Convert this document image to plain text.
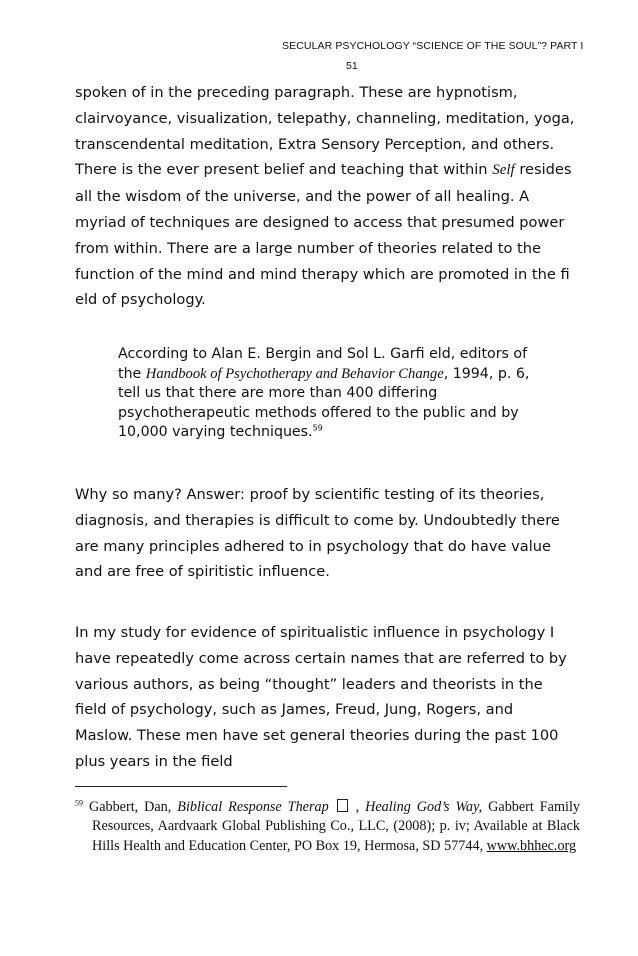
SECULAR PSYCHOLOGY “SCIENCE OF THE SOUL”? PART I
51

spoken of in the preceding paragraph. These are hypnotism, clairvoyance, visualization, telepathy, channeling, meditation, yoga, transcendental meditation, Extra Sensory Perception, and others. There is the ever present belief and teaching that within Self resides all the wisdom of the universe, and the power of all healing. A myriad of techniques are designed to access that presumed power from within. There are a large number of theories related to the function of the mind and mind therapy which are promoted in the fi eld of psychology.

According to Alan E. Bergin and Sol L. Garfi eld, editors of the Handbook of Psychotherapy and Behavior Change, 1994, p. 6, tell us that there are more than 400 differing psychotherapeutic methods offered to the public and by 10,000 varying techniques.$^{59}$

Why so many? Answer: proof by scientific testing of its theories, diagnosis, and therapies is difficult to come by. Undoubtedly there are many principles adhered to in psychology that do have value and are free of spiritistic influence.

In my study for evidence of spiritualistic influence in psychology I have repeatedly come across certain names that are referred to by various authors, as being “thought” leaders and theorists in the field of psychology, such as James, Freud, Jung, Rogers, and Maslow. These men have set general theories during the past 100 plus years in the field

$^{59}$ Gabbert, Dan, Biblical Response Therap  , Healing God’s Way, Gabbert Family Resources, Aardvaark Global Publishing Co., LLC, (2008); p. iv; Available at Black Hills Health and Education Center, PO Box 19, Hermosa, SD 57744, www.bhhec.org
